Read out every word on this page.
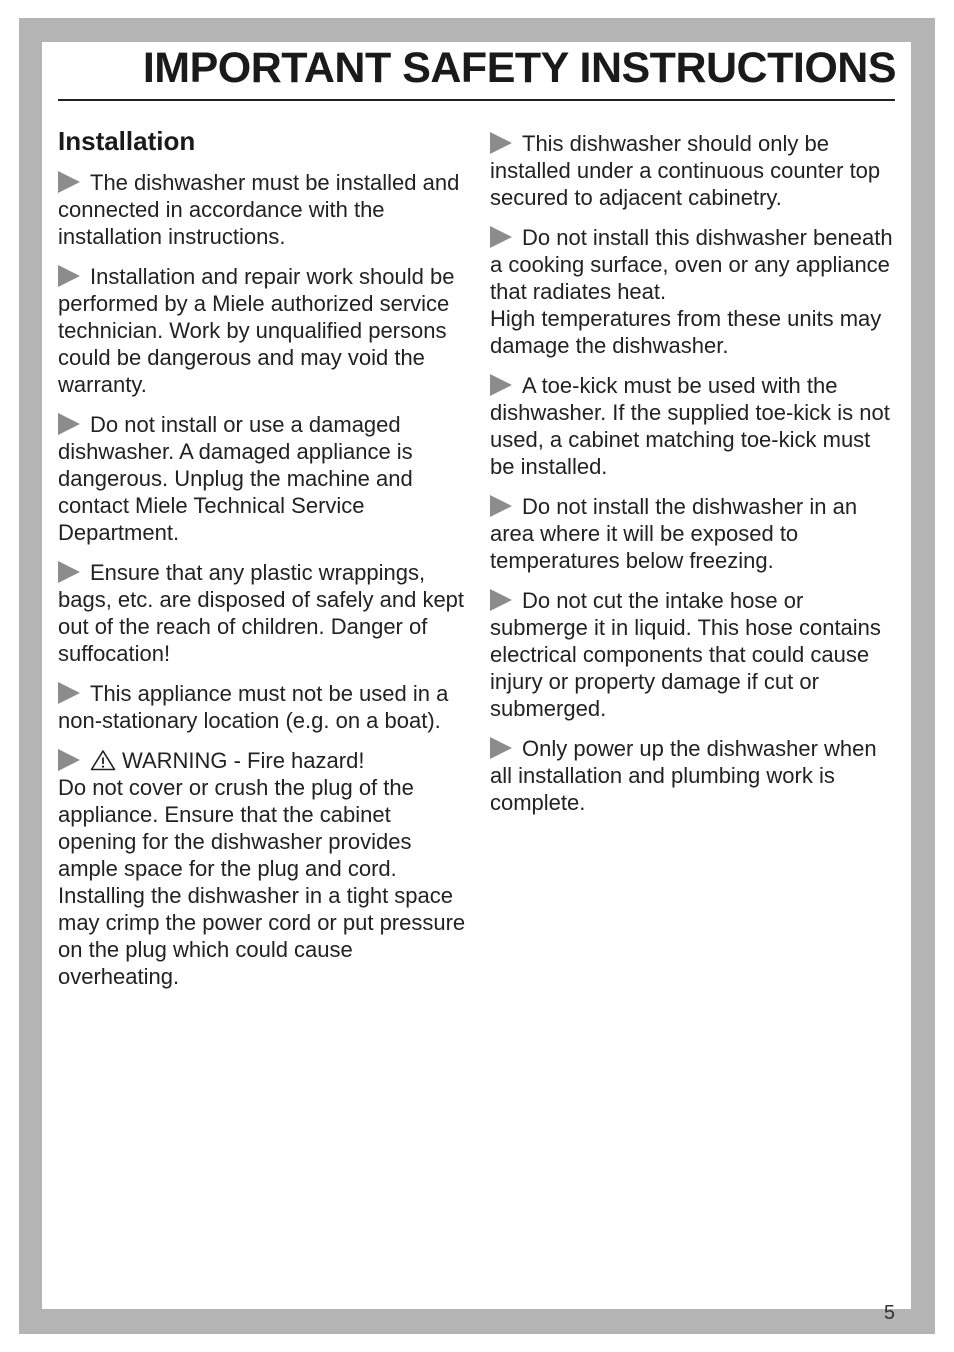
IMPORTANT SAFETY INSTRUCTIONS
Installation

The dishwasher must be installed and connected in accordance with the installation instructions.

Installation and repair work should be performed by a Miele authorized service technician. Work by unqualified persons could be dangerous and may void the warranty.

Do not install or use a damaged dishwasher. A damaged appliance is dangerous. Unplug the machine and contact Miele Technical Service Department.

Ensure that any plastic wrappings, bags, etc. are disposed of safely and kept out of the reach of children. Danger of suffocation!

This appliance must not be used in a non-stationary location (e.g. on a boat).

WARNING - Fire hazard!
Do not cover or crush the plug of the appliance. Ensure that the cabinet opening for the dishwasher provides ample space for the plug and cord. Installing the dishwasher in a tight space may crimp the power cord or put pressure on the plug which could cause overheating.

This dishwasher should only be installed under a continuous counter top secured to adjacent cabinetry.

Do not install this dishwasher beneath a cooking surface, oven or any appliance that radiates heat.
High temperatures from these units may damage the dishwasher.

A toe-kick must be used with the dishwasher. If the supplied toe-kick is not used, a cabinet matching toe-kick must be installed.

Do not install the dishwasher in an area where it will be exposed to temperatures below freezing.

Do not cut the intake hose or submerge it in liquid. This hose contains electrical components that could cause injury or property damage if cut or submerged.

Only power up the dishwasher when all installation and plumbing work is complete.

5
